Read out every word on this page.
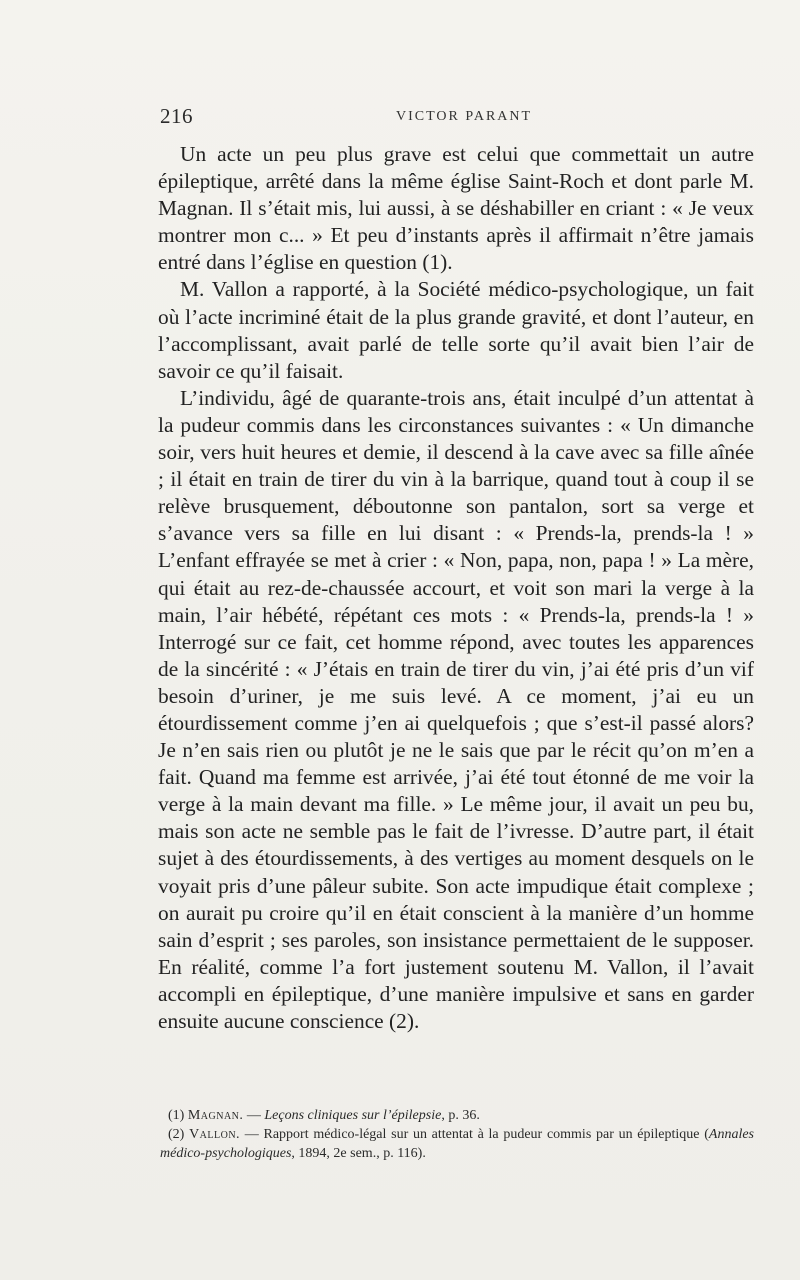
216	VICTOR PARANT

Un acte un peu plus grave est celui que commettait un autre épileptique, arrêté dans la même église Saint-Roch et dont parle M. Magnan. Il s’était mis, lui aussi, à se déshabiller en criant : « Je veux montrer mon c... » Et peu d’instants après il affirmait n’être jamais entré dans l’église en question (1).

M. Vallon a rapporté, à la Société médico-psychologique, un fait où l’acte incriminé était de la plus grande gravité, et dont l’auteur, en l’accomplissant, avait parlé de telle sorte qu’il avait bien l’air de savoir ce qu’il faisait.

L’individu, âgé de quarante-trois ans, était inculpé d’un attentat à la pudeur commis dans les circonstances suivantes : « Un dimanche soir, vers huit heures et demie, il descend à la cave avec sa fille aînée ; il était en train de tirer du vin à la barrique, quand tout à coup il se relève brusquement, déboutonne son pantalon, sort sa verge et s’avance vers sa fille en lui disant : « Prends-la, prends-la ! » L’enfant effrayée se met à crier : « Non, papa, non, papa ! » La mère, qui était au rez-de-chaussée accourt, et voit son mari la verge à la main, l’air hébété, répétant ces mots : « Prends-la, prends-la ! » Interrogé sur ce fait, cet homme répond, avec toutes les apparences de la sincérité : « J’étais en train de tirer du vin, j’ai été pris d’un vif besoin d’uriner, je me suis levé. A ce moment, j’ai eu un étourdissement comme j’en ai quelquefois ; que s’est-il passé alors? Je n’en sais rien ou plutôt je ne le sais que par le récit qu’on m’en a fait. Quand ma femme est arrivée, j’ai été tout étonné de me voir la verge à la main devant ma fille. » Le même jour, il avait un peu bu, mais son acte ne semble pas le fait de l’ivresse. D’autre part, il était sujet à des étourdissements, à des vertiges au moment desquels on le voyait pris d’une pâleur subite. Son acte impudique était complexe ; on aurait pu croire qu’il en était conscient à la manière d’un homme sain d’esprit ; ses paroles, son insistance permettaient de le supposer. En réalité, comme l’a fort justement soutenu M. Vallon, il l’avait accompli en épileptique, d’une manière impulsive et sans en garder ensuite aucune conscience (2).

(1) Magnan. — Leçons cliniques sur l’épilepsie, p. 36.

(2) Vallon. — Rapport médico-légal sur un attentat à la pudeur commis par un épileptique (Annales médico-psychologiques, 1894, 2e sem., p. 116).
